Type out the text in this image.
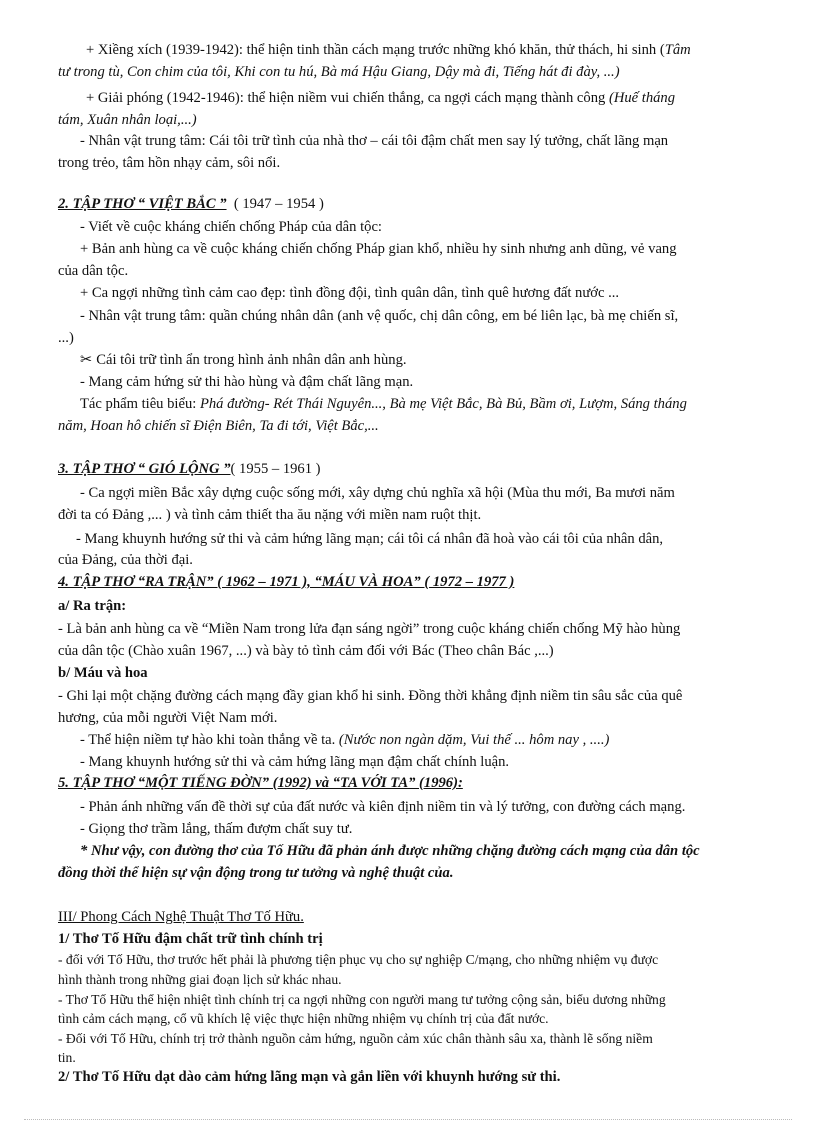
+ Xiềng xích (1939-1942): thể hiện tinh thần cách mạng trước những khó khăn, thử thách, hi sinh (Tâm
tư trong tù, Con chim của tôi, Khi con tu hú, Bà má Hậu Giang, Dậy mà đi, Tiếng hát đi đày, ...)
+ Giải phóng (1942-1946): thể hiện niềm vui chiến thắng, ca ngợi cách mạng thành công (Huế tháng
tám, Xuân nhân loại,...)
- Nhân vật trung tâm: Cái tôi trữ tình của nhà thơ – cái tôi đậm chất men say lý tưởng, chất lãng mạn
trong trẻo, tâm hồn nhạy cảm, sôi nổi.
2. TẬP THƠ “ VIỆT BẮC ” ( 1947 – 1954 )
- Viết về cuộc kháng chiến chống Pháp của dân tộc:
+ Bản anh hùng ca về cuộc kháng chiến chống Pháp gian khổ, nhiều hy sinh nhưng anh dũng, vẻ vang
của dân tộc.
+ Ca ngợi những tình cảm cao đẹp: tình đồng đội, tình quân dân, tình quê hương đất nước ...
- Nhân vật trung tâm: quần chúng nhân dân (anh vệ quốc, chị dân công, em bé liên lạc, bà mẹ chiến sĩ,
...)
✂ Cái tôi trữ tình ẩn trong hình ảnh nhân dân anh hùng.
- Mang cảm hứng sử thi hào hùng và đậm chất lãng mạn.
Tác phẩm tiêu biểu: Phá đường- Rét Thái Nguyên..., Bà mẹ Việt Bắc, Bà Bủ, Bầm ơi, Lượm, Sáng tháng
năm, Hoan hô chiến sĩ Điện Biên, Ta đi tới, Việt Bắc,...
3. TẬP THƠ “ GIÓ LỘNG ”( 1955 – 1961 )
- Ca ngợi miền Bắc xây dựng cuộc sống mới, xây dựng chủ nghĩa xã hội (Mùa thu mới, Ba mươi năm
đời ta có Đảng ,... ) và tình cảm thiết tha ău nặng với miền nam ruột thịt.
- Mang khuynh hướng sử thi và cảm hứng lãng mạn; cái tôi cá nhân đã hoà vào cái tôi của nhân dân,
của Đảng, của thời đại.
4. TẬP THƠ “RA TRẬN” ( 1962 – 1971 ), “MÁU VÀ HOA” ( 1972 – 1977 )
a/ Ra trận:
- Là bản anh hùng ca về “Miền Nam trong lửa đạn sáng ngời” trong cuộc kháng chiến chống Mỹ hào hùng
của dân tộc (Chào xuân 1967, ...) và bày tỏ tình cảm đối với Bác (Theo chân Bác ,...)
b/ Máu và hoa
- Ghi lại một chặng đường cách mạng đầy gian khổ hi sinh. Đồng thời khẳng định niềm tin sâu sắc của quê
hương, của mỗi người Việt Nam mới.
- Thể hiện niềm tự hào khi toàn thắng về ta. (Nước non ngàn dặm, Vui thế ... hôm nay , ....)
- Mang khuynh hướng sử thi và cảm hứng lãng mạn đậm chất chính luận.
5. TẬP THƠ “MỘT TIẾNG ĐỜN” (1992) và “TA VỚI TA” (1996):
- Phản ánh những vấn đề thời sự của đất nước và kiên định niềm tin và lý tưởng, con đường cách mạng.
- Giọng thơ trầm lắng, thấm đượm chất suy tư.
* Như vậy, con đường thơ của Tố Hữu đã phản ánh được những chặng đường cách mạng của dân tộc
đồng thời thể hiện sự vận động trong tư tưởng và nghệ thuật của.
III/ Phong Cách Nghệ Thuật Thơ Tố Hữu.
1/ Thơ Tố Hữu đậm chất trữ tình chính trị
- đối với Tố Hữu, thơ trước hết phải là phương tiện phục vụ cho sự nghiệp C/mạng, cho những nhiệm vụ được
hình thành trong những giai đoạn lịch sử khác nhau.
- Thơ Tố Hữu thể hiện nhiệt tình chính trị ca ngợi những con người mang tư tưởng cộng sản, biểu dương những
tình cảm cách mạng, cổ vũ khích lệ việc thực hiện những nhiệm vụ chính trị của đất nước.
- Đối với Tố Hữu, chính trị trở thành nguồn cảm hứng, nguồn cảm xúc chân thành sâu xa, thành lẽ sống niềm
tin.
2/ Thơ Tố Hữu dạt dào cảm hứng lãng mạn và gắn liền với khuynh hướng sử thi.
